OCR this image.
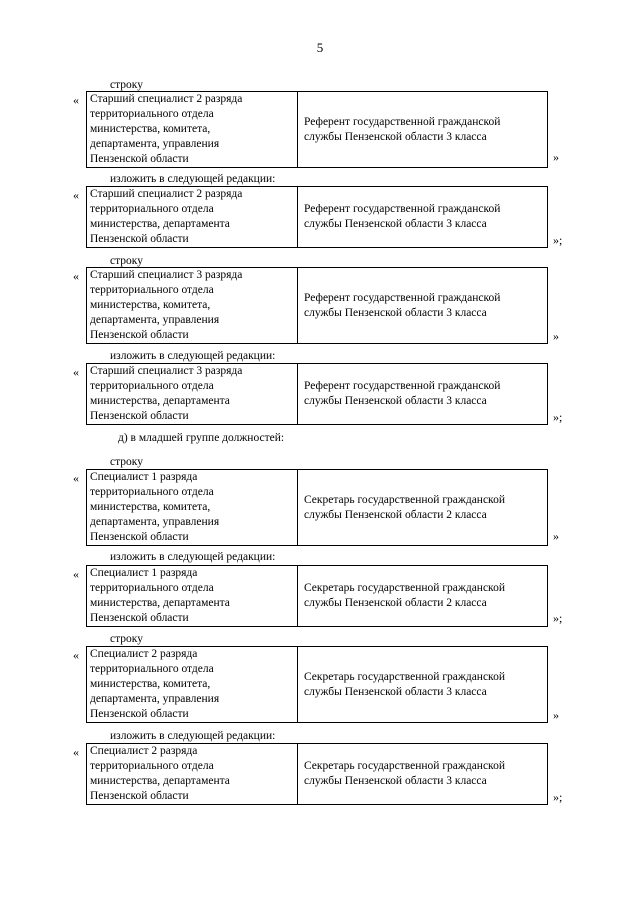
5
строку
« Старший специалист 2 разряда
территориального отдела
министерства, комитета,
департамента, управления
Пензенской области
Референт государственной гражданской
службы Пензенской области 3 класса
»
изложить в следующей редакции:
« Старший специалист 2 разряда
территориального отдела
министерства, департамента
Пензенской области
Референт государственной гражданской
службы Пензенской области 3 класса
»;
строку
« Старший специалист 3 разряда
территориального отдела
министерства, комитета,
департамента, управления
Пензенской области
Референт государственной гражданской
службы Пензенской области 3 класса
»
изложить в следующей редакции:
« Старший специалист 3 разряда
территориального отдела
министерства, департамента
Пензенской области
Референт государственной гражданской
службы Пензенской области 3 класса
»;
д) в младшей группе должностей:
строку
« Специалист 1 разряда
территориального отдела
министерства, комитета,
департамента, управления
Пензенской области
Секретарь государственной гражданской
службы Пензенской области 2 класса
»
изложить в следующей редакции:
« Специалист 1 разряда
территориального отдела
министерства, департамента
Пензенской области
Секретарь государственной гражданской
службы Пензенской области 2 класса
»;
строку
« Специалист 2 разряда
территориального отдела
министерства, комитета,
департамента, управления
Пензенской области
Секретарь государственной гражданской
службы Пензенской области 3 класса
»
изложить в следующей редакции:
« Специалист 2 разряда
территориального отдела
министерства, департамента
Пензенской области
Секретарь государственной гражданской
службы Пензенской области 3 класса
»;
